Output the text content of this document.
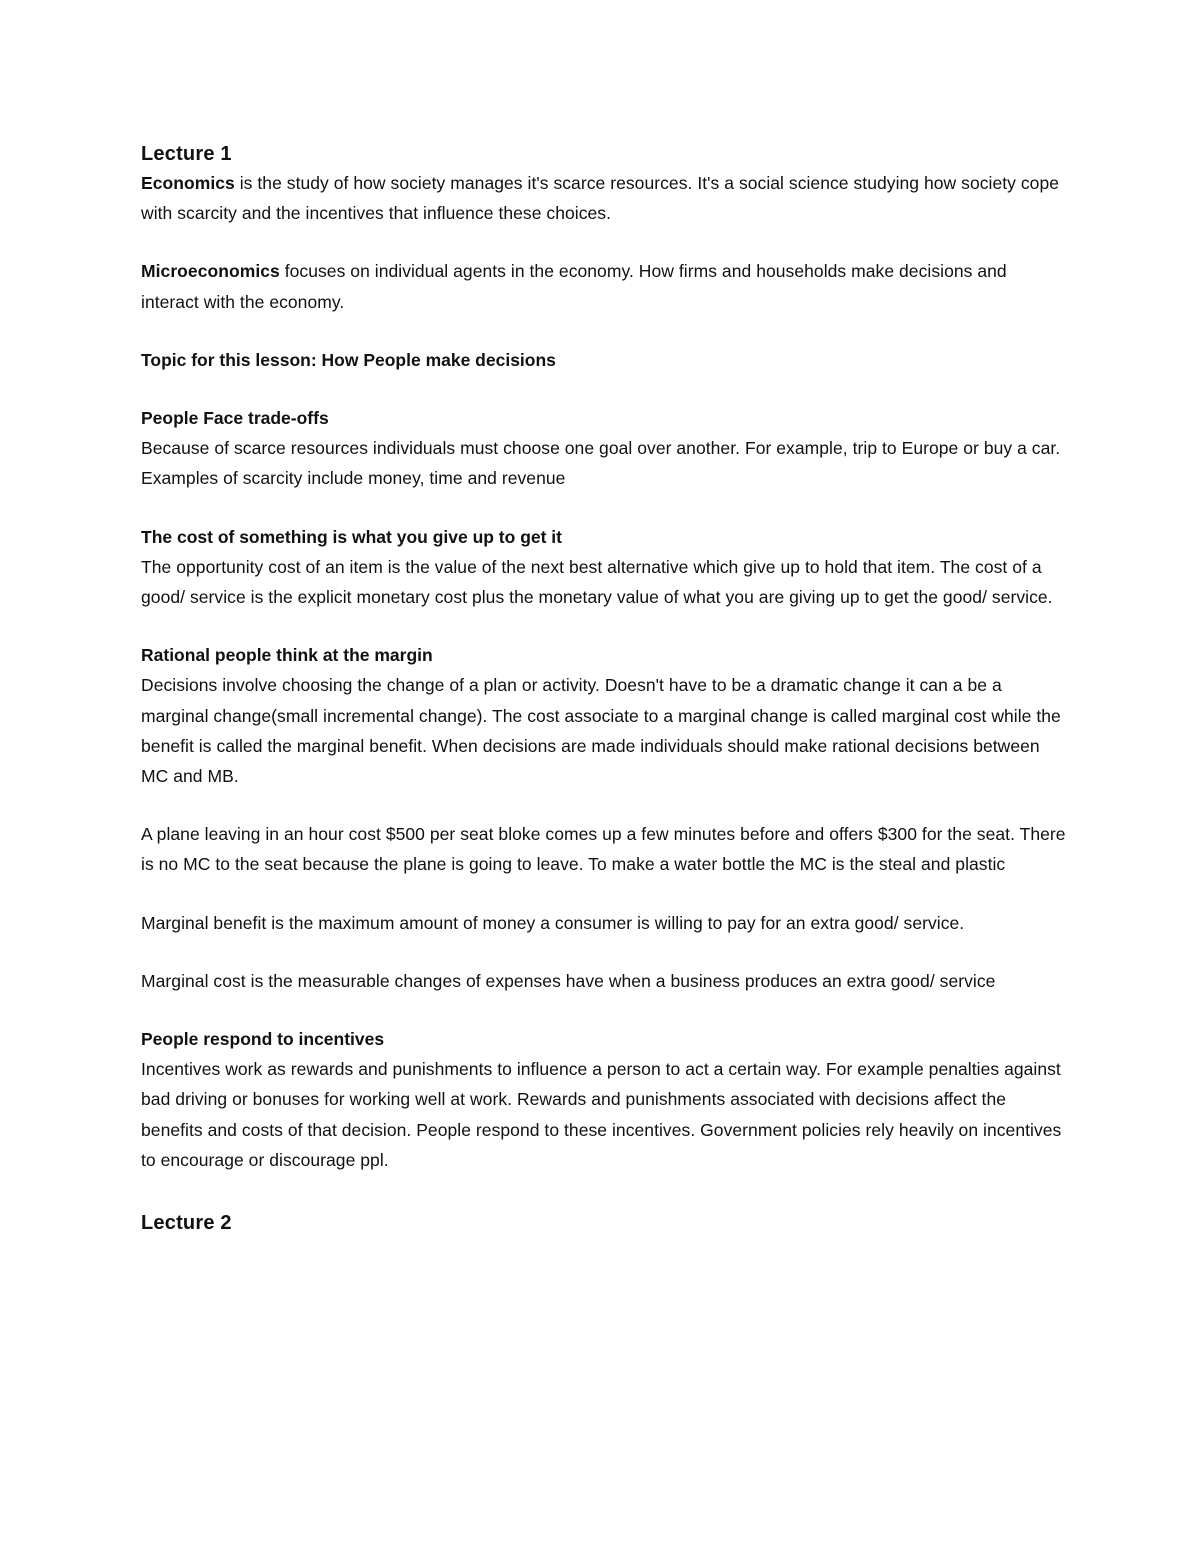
Lecture 1

Economics is the study of how society manages it's scarce resources. It's a social science studying how society cope with scarcity and the incentives that influence these choices.

Microeconomics focuses on individual agents in the economy. How firms and households make decisions and interact with the economy.

Topic for this lesson: How People make decisions
People Face trade-offs

Because of scarce resources individuals must choose one goal over another. For example, trip to Europe or buy a car. Examples of scarcity include money, time and revenue

The cost of something is what you give up to get it

The opportunity cost of an item is the value of the next best alternative which give up to hold that item. The cost of a good/ service is the explicit monetary cost plus the monetary value of what you are giving up to get the good/ service.

Rational people think at the margin

Decisions involve choosing the change of a plan or activity. Doesn't have to be a dramatic change it can a be a marginal change(small incremental change). The cost associate to a marginal change is called marginal cost while the benefit is called the marginal benefit. When decisions are made individuals should make rational decisions between MC and MB.

A plane leaving in an hour cost $500 per seat bloke comes up a few minutes before and offers $300 for the seat. There is no MC to the seat because the plane is going to leave. To make a water bottle the MC is the steal and plastic

Marginal benefit is the maximum amount of money a consumer is willing to pay for an extra good/ service.

Marginal cost is the measurable changes of expenses have when a business produces an extra good/ service

People respond to incentives

Incentives work as rewards and punishments to influence a person to act a certain way. For example penalties against bad driving or bonuses for working well at work. Rewards and punishments associated with decisions affect the benefits and costs of that decision. People respond to these incentives. Government policies rely heavily on incentives to encourage or discourage ppl.

Lecture 2
